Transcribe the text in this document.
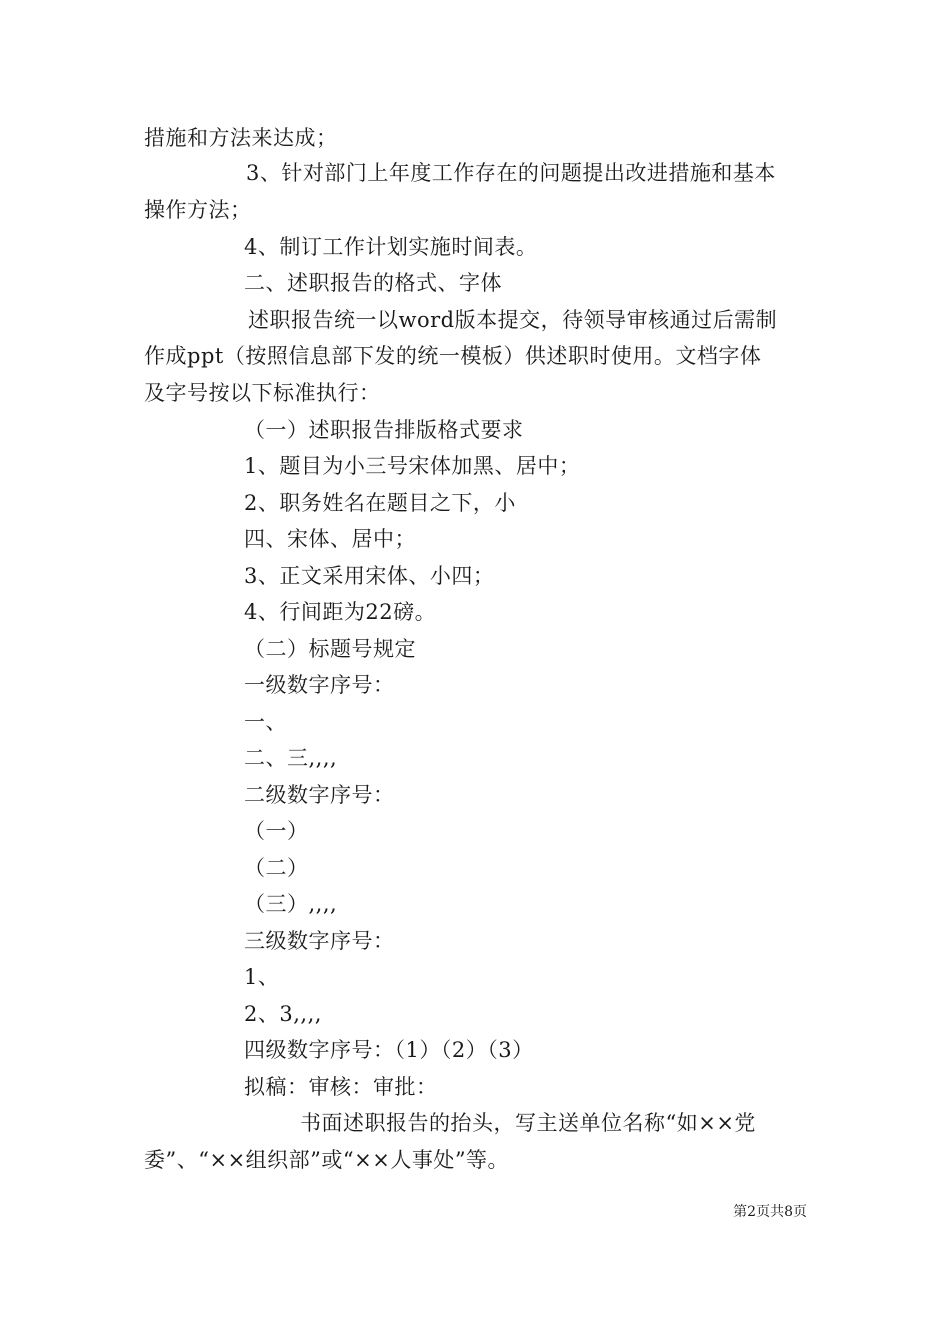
措施和方法来达成；
3、针对部门上年度工作存在的问题提出改进措施和基本
操作方法；
4、制订工作计划实施时间表。
二、述职报告的格式、字体
述职报告统一以word版本提交，待领导审核通过后需制
作成ppt（按照信息部下发的统一模板）供述职时使用。文档字体
及字号按以下标准执行：
（一）述职报告排版格式要求
1、题目为小三号宋体加黑、居中；
2、职务姓名在题目之下，小
四、宋体、居中；
3、正文采用宋体、小四；
4、行间距为22磅。
（二）标题号规定
一级数字序号：
一、
二、三,,,,
二级数字序号：
（一）
（二）
（三）,,,,
三级数字序号：
1、
2、3,,,,
四级数字序号：（1）（2）（3）
拟稿：审核：审批：
书面述职报告的抬头，写主送单位名称“如××党
委”、“××组织部”或“××人事处”等。
第2页共8页
